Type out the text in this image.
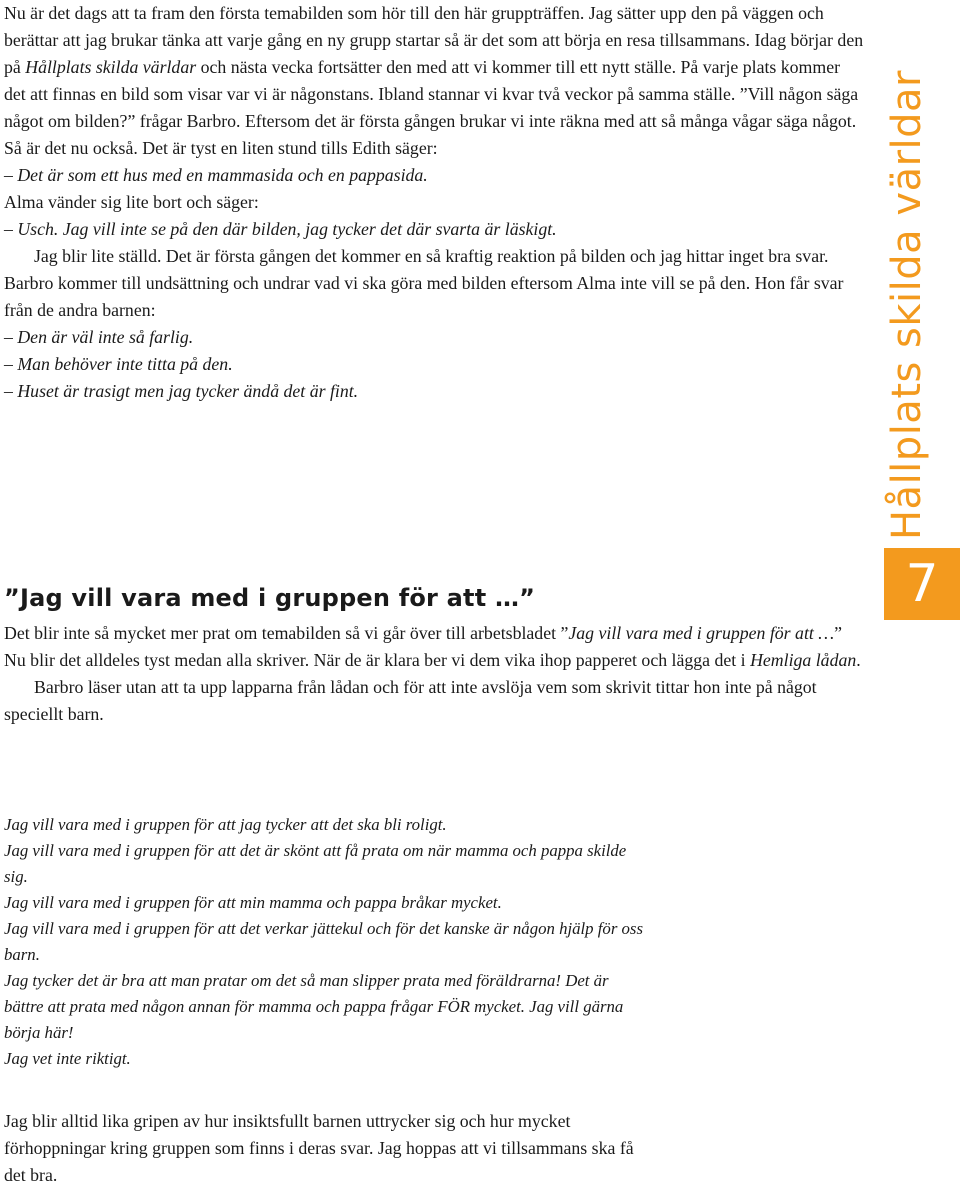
Nu är det dags att ta fram den första temabilden som hör till den här gruppträffen. Jag sätter upp den på väggen och berättar att jag brukar tänka att varje gång en ny grupp startar så är det som att börja en resa tillsammans. Idag börjar den på Hållplats skilda världar och nästa vecka fortsätter den med att vi kommer till ett nytt ställe. På varje plats kommer det att finnas en bild som visar var vi är någonstans. Ibland stannar vi kvar två veckor på samma ställe. ”Vill någon säga något om bilden?” frågar Barbro. Eftersom det är första gången brukar vi inte räkna med att så många vågar säga något. Så är det nu också. Det är tyst en liten stund tills Edith säger:

– Det är som ett hus med en mammasida och en pappasida.

Alma vänder sig lite bort och säger:

– Usch. Jag vill inte se på den där bilden, jag tycker det där svarta är läskigt.

Jag blir lite ställd. Det är första gången det kommer en så kraftig reaktion på bilden och jag hittar inget bra svar. Barbro kommer till undsättning och undrar vad vi ska göra med bilden eftersom Alma inte vill se på den. Hon får svar från de andra barnen:

– Den är väl inte så farlig.

– Man behöver inte titta på den.

– Huset är trasigt men jag tycker ändå det är fint.

”Jag vill vara med i gruppen för att …”

Det blir inte så mycket mer prat om temabilden så vi går över till arbetsbladet ”Jag vill vara med i gruppen för att …” Nu blir det alldeles tyst medan alla skriver. När de är klara ber vi dem vika ihop papperet och lägga det i Hemliga lådan.

Barbro läser utan att ta upp lapparna från lådan och för att inte avslöja vem som skrivit tittar hon inte på något speciellt barn.

Jag vill vara med i gruppen för att jag tycker att det ska bli roligt.

Jag vill vara med i gruppen för att det är skönt att få prata om när mamma och pappa skilde sig.

Jag vill vara med i gruppen för att min mamma och pappa bråkar mycket.

Jag vill vara med i gruppen för att det verkar jättekul och för det kanske är någon hjälp för oss barn.

Jag tycker det är bra att man pratar om det så man slipper prata med föräldrarna! Det är bättre att prata med någon annan för mamma och pappa frågar FÖR mycket. Jag vill gärna börja här!

Jag vet inte riktigt.

Jag blir alltid lika gripen av hur insiktsfullt barnen uttrycker sig och hur mycket förhoppningar kring gruppen som finns i deras svar. Jag hoppas att vi tillsammans ska få det bra.

Hållplats skilda världar
7
